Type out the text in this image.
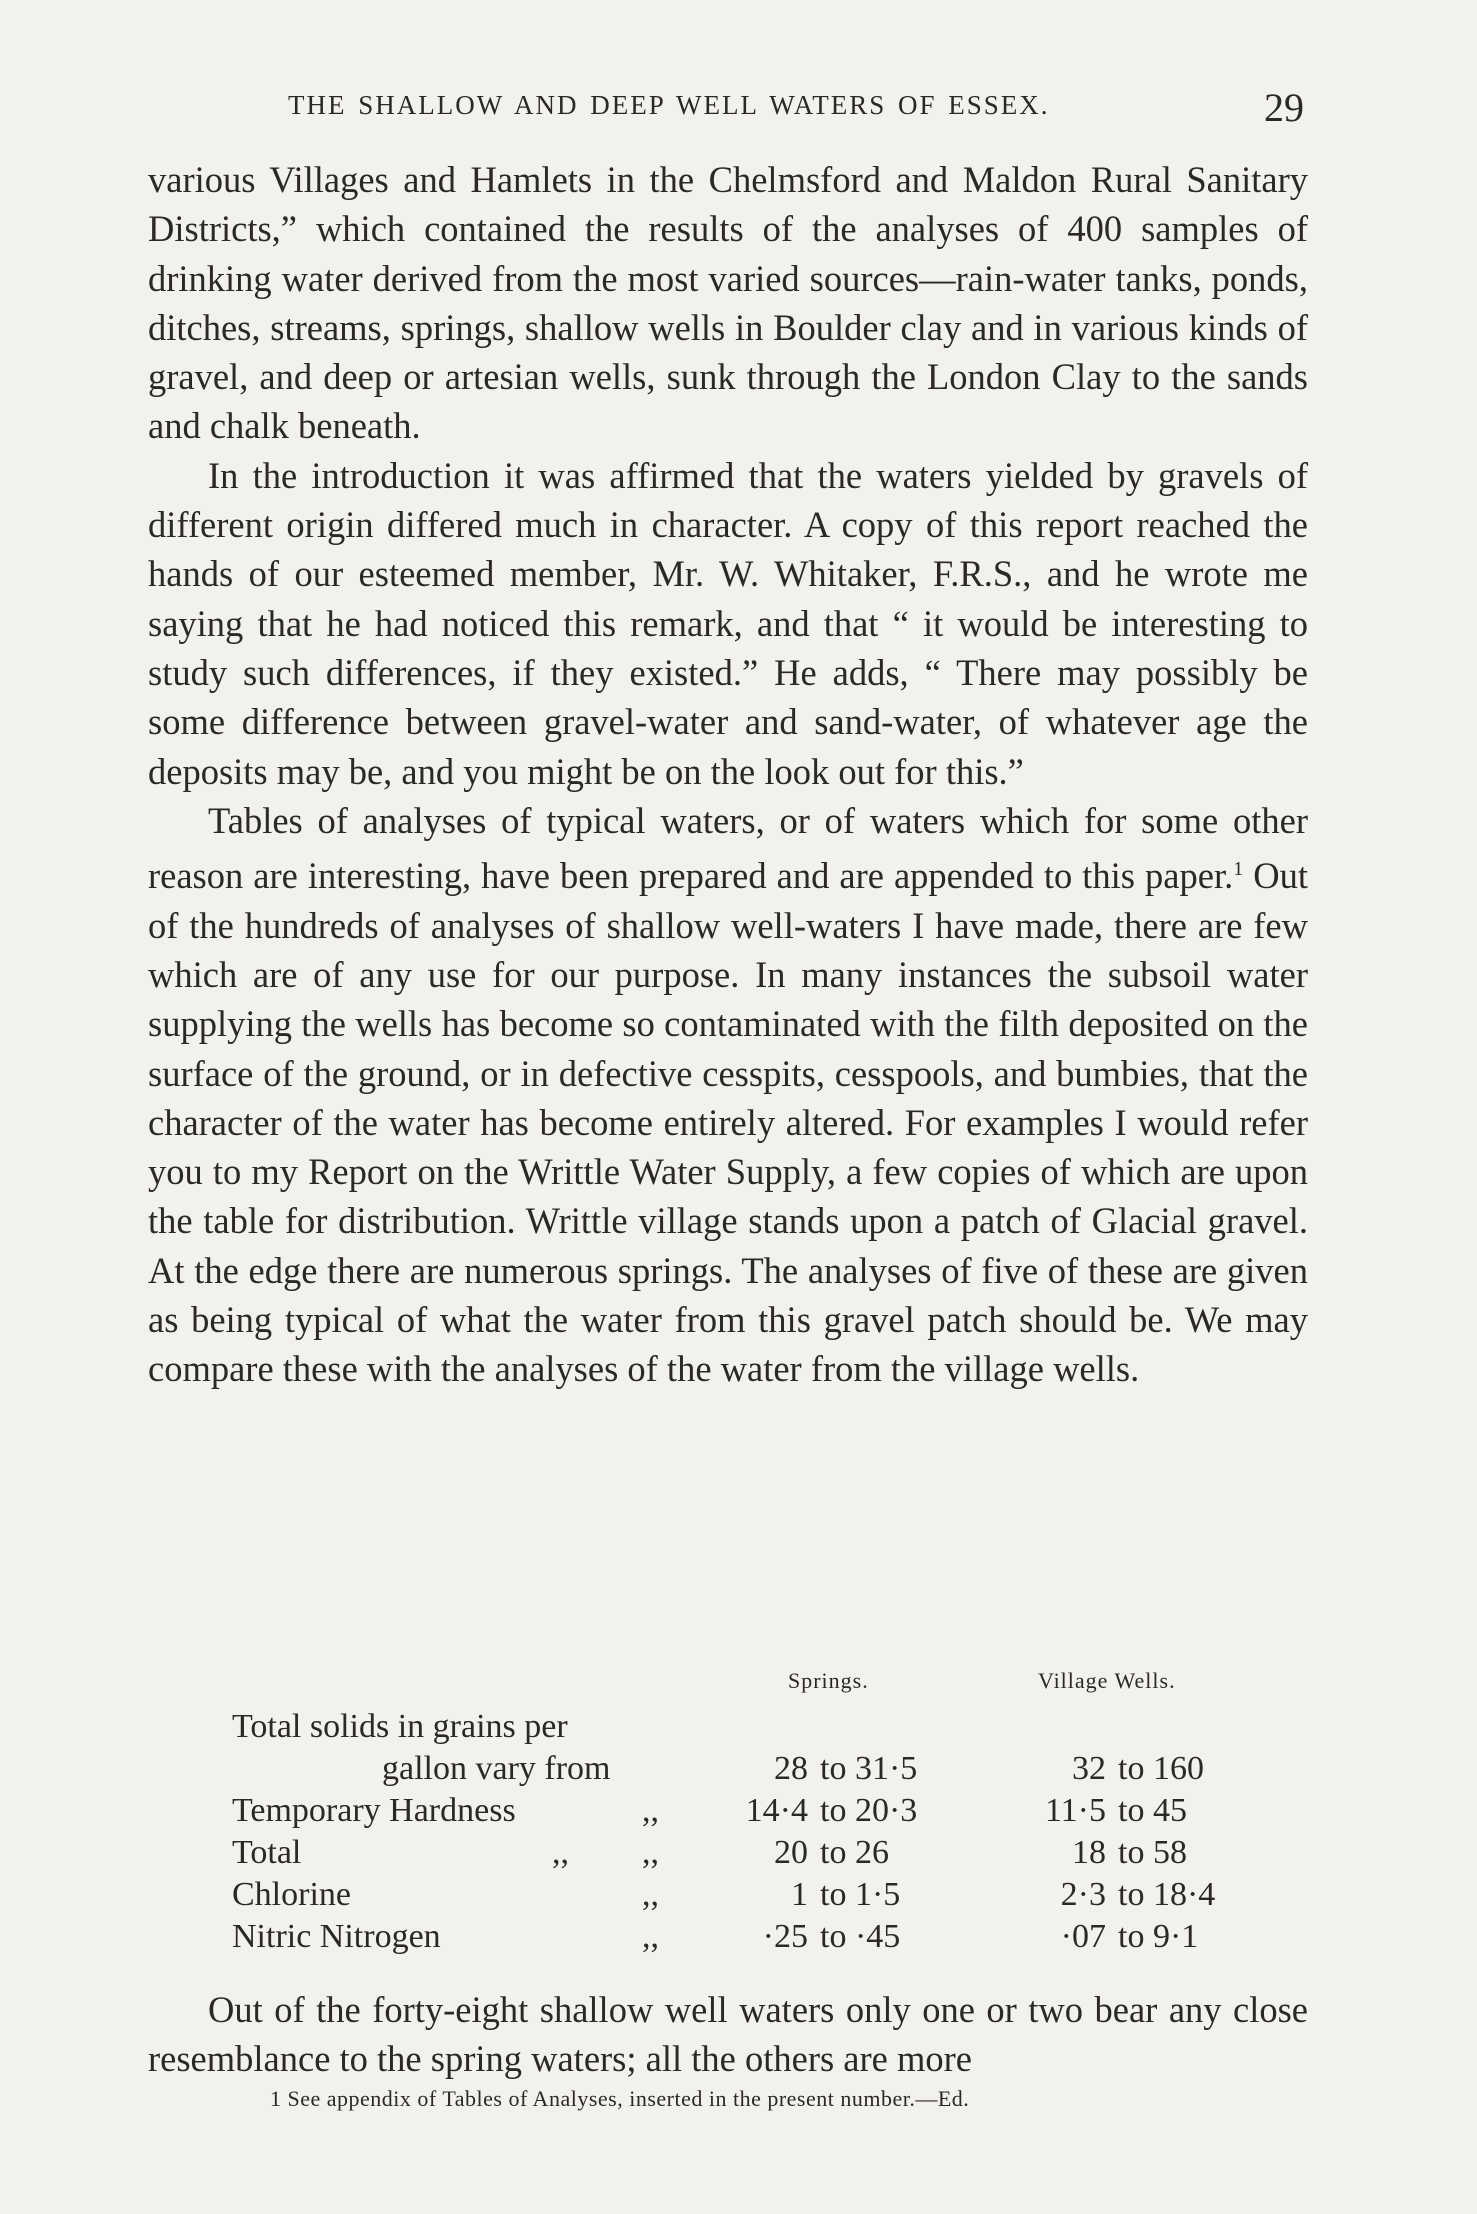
THE SHALLOW AND DEEP WELL WATERS OF ESSEX.	29

various Villages and Hamlets in the Chelmsford and Maldon Rural Sanitary Districts,” which contained the results of the analyses of 400 samples of drinking water derived from the most varied sources—rain-water tanks, ponds, ditches, streams, springs, shallow wells in Boulder clay and in various kinds of gravel, and deep or artesian wells, sunk through the London Clay to the sands and chalk beneath.

In the introduction it was affirmed that the waters yielded by gravels of different origin differed much in character. A copy of this report reached the hands of our esteemed member, Mr. W. Whitaker, F.R.S., and he wrote me saying that he had noticed this remark, and that “ it would be interesting to study such differences, if they existed.” He adds, “ There may possibly be some difference between gravel-water and sand-water, of whatever age the deposits may be, and you might be on the look out for this.”

Tables of analyses of typical waters, or of waters which for some other reason are interesting, have been prepared and are appended to this paper.$^1$ Out of the hundreds of analyses of shallow well-waters I have made, there are few which are of any use for our purpose. In many instances the subsoil water supplying the wells has become so contaminated with the filth deposited on the surface of the ground, or in defective cesspits, cesspools, and bumbies, that the character of the water has become entirely altered. For examples I would refer you to my Report on the Writtle Water Supply, a few copies of which are upon the table for distribution. Writtle village stands upon a patch of Glacial gravel. At the edge there are numerous springs. The analyses of five of these are given as being typical of what the water from this gravel patch should be. We may compare these with the analyses of the water from the village wells.

Springs.	Village Wells.
Total solids in grains per
gallon vary from	28 to 31·5	32 to 160
Temporary Hardness	,,	14·4 to 20·3	11·5 to 45
Total	,, ,,	20 to 26	18 to 58
Chlorine	,,	1 to 1·5	2·3 to 18·4
Nitric Nitrogen	,,	·25 to ·45	·07 to 9·1

Out of the forty-eight shallow well waters only one or two bear any close resemblance to the spring waters; all the others are more

1 See appendix of Tables of Analyses, inserted in the present number.—Ed.
